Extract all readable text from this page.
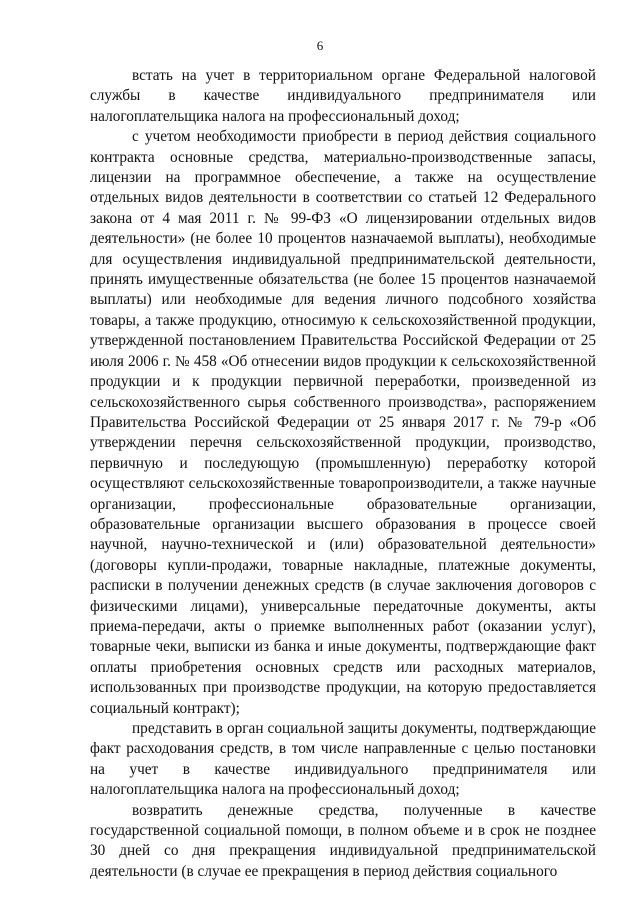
6

встать на учет в территориальном органе Федеральной налоговой службы в качестве индивидуального предпринимателя или налогоплательщика налога на профессиональный доход;

с учетом необходимости приобрести в период действия социального контракта основные средства, материально-производственные запасы, лицензии на программное обеспечение, а также на осуществление отдельных видов деятельности в соответствии со статьей 12 Федерального закона от 4 мая 2011 г. № 99-ФЗ «О лицензировании отдельных видов деятельности» (не более 10 процентов назначаемой выплаты), необходимые для осуществления индивидуальной предпринимательской деятельности, принять имущественные обязательства (не более 15 процентов назначаемой выплаты) или необходимые для ведения личного подсобного хозяйства товары, а также продукцию, относимую к сельскохозяйственной продукции, утвержденной постановлением Правительства Российской Федерации от 25 июля 2006 г. № 458 «Об отнесении видов продукции к сельскохозяйственной продукции и к продукции первичной переработки, произведенной из сельскохозяйственного сырья собственного производства», распоряжением Правительства Российской Федерации от 25 января 2017 г. № 79-р «Об утверждении перечня сельскохозяйственной продукции, производство, первичную и последующую (промышленную) переработку которой осуществляют сельскохозяйственные товаропроизводители, а также научные организации, профессиональные образовательные организации, образовательные организации высшего образования в процессе своей научной, научно-технической и (или) образовательной деятельности» (договоры купли-продажи, товарные накладные, платежные документы, расписки в получении денежных средств (в случае заключения договоров с физическими лицами), универсальные передаточные документы, акты приема-передачи, акты о приемке выполненных работ (оказании услуг), товарные чеки, выписки из банка и иные документы, подтверждающие факт оплаты приобретения основных средств или расходных материалов, использованных при производстве продукции, на которую предоставляется социальный контракт);

представить в орган социальной защиты документы, подтверждающие факт расходования средств, в том числе направленные с целью постановки на учет в качестве индивидуального предпринимателя или налогоплательщика налога на профессиональный доход;

возвратить денежные средства, полученные в качестве государственной социальной помощи, в полном объеме и в срок не позднее 30 дней со дня прекращения индивидуальной предпринимательской деятельности (в случае ее прекращения в период действия социального
